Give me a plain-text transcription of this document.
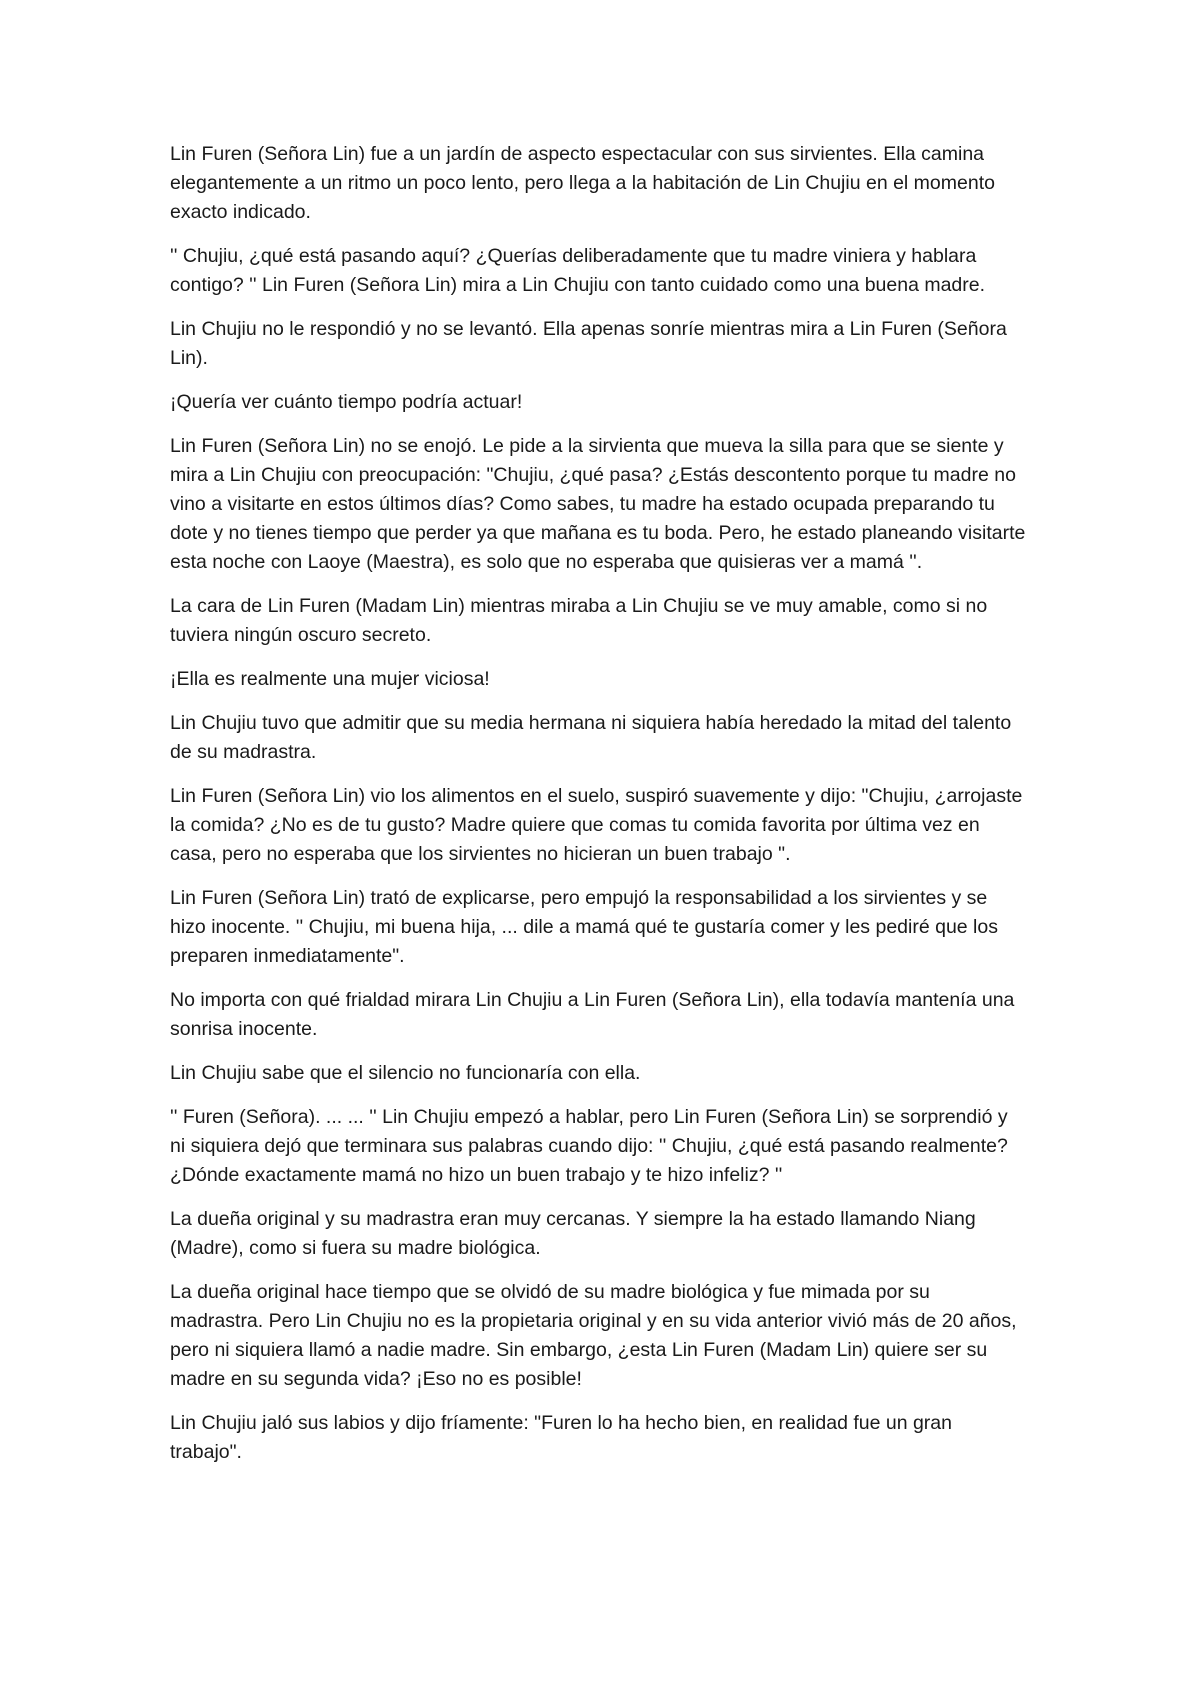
Lin Furen (Señora Lin) fue a un jardín de aspecto espectacular con sus sirvientes. Ella camina elegantemente a un ritmo un poco lento, pero llega a la habitación de Lin Chujiu en el momento exacto indicado.

'' Chujiu, ¿qué está pasando aquí? ¿Querías deliberadamente que tu madre viniera y hablara contigo? '' Lin Furen (Señora Lin) mira a Lin Chujiu con tanto cuidado como una buena madre.

Lin Chujiu no le respondió y no se levantó. Ella apenas sonríe mientras mira a Lin Furen (Señora Lin).

¡Quería ver cuánto tiempo podría actuar!

Lin Furen (Señora Lin) no se enojó. Le pide a la sirvienta que mueva la silla para que se siente y mira a Lin Chujiu con preocupación: "Chujiu, ¿qué pasa? ¿Estás descontento porque tu madre no vino a visitarte en estos últimos días? Como sabes, tu madre ha estado ocupada preparando tu dote y no tienes tiempo que perder ya que mañana es tu boda. Pero, he estado planeando visitarte esta noche con Laoye (Maestra), es solo que no esperaba que quisieras ver a mamá ''.

La cara de Lin Furen (Madam Lin) mientras miraba a Lin Chujiu se ve muy amable, como si no tuviera ningún oscuro secreto.

¡Ella es realmente una mujer viciosa!

Lin Chujiu tuvo que admitir que su media hermana ni siquiera había heredado la mitad del talento de su madrastra.

Lin Furen (Señora Lin) vio los alimentos en el suelo, suspiró suavemente y dijo: "Chujiu, ¿arrojaste la comida? ¿No es de tu gusto? Madre quiere que comas tu comida favorita por última vez en casa, pero no esperaba que los sirvientes no hicieran un buen trabajo ".

Lin Furen (Señora Lin) trató de explicarse, pero empujó la responsabilidad a los sirvientes y se hizo inocente. '' Chujiu, mi buena hija, ... dile a mamá qué te gustaría comer y les pediré que los preparen inmediatamente".

No importa con qué frialdad mirara Lin Chujiu a Lin Furen (Señora Lin), ella todavía mantenía una sonrisa inocente.

Lin Chujiu sabe que el silencio no funcionaría con ella.

'' Furen (Señora). ... ... '' Lin Chujiu empezó a hablar, pero Lin Furen (Señora Lin) se sorprendió y ni siquiera dejó que terminara sus palabras cuando dijo: '' Chujiu, ¿qué está pasando realmente? ¿Dónde exactamente mamá no hizo un buen trabajo y te hizo infeliz? ''

La dueña original y su madrastra eran muy cercanas. Y siempre la ha estado llamando Niang (Madre), como si fuera su madre biológica.

La dueña original hace tiempo que se olvidó de su madre biológica y fue mimada por su madrastra. Pero Lin Chujiu no es la propietaria original y en su vida anterior vivió más de 20 años, pero ni siquiera llamó a nadie madre. Sin embargo, ¿esta Lin Furen (Madam Lin) quiere ser su madre en su segunda vida? ¡Eso no es posible!

Lin Chujiu jaló sus labios y dijo fríamente: "Furen lo ha hecho bien, en realidad fue un gran trabajo".
